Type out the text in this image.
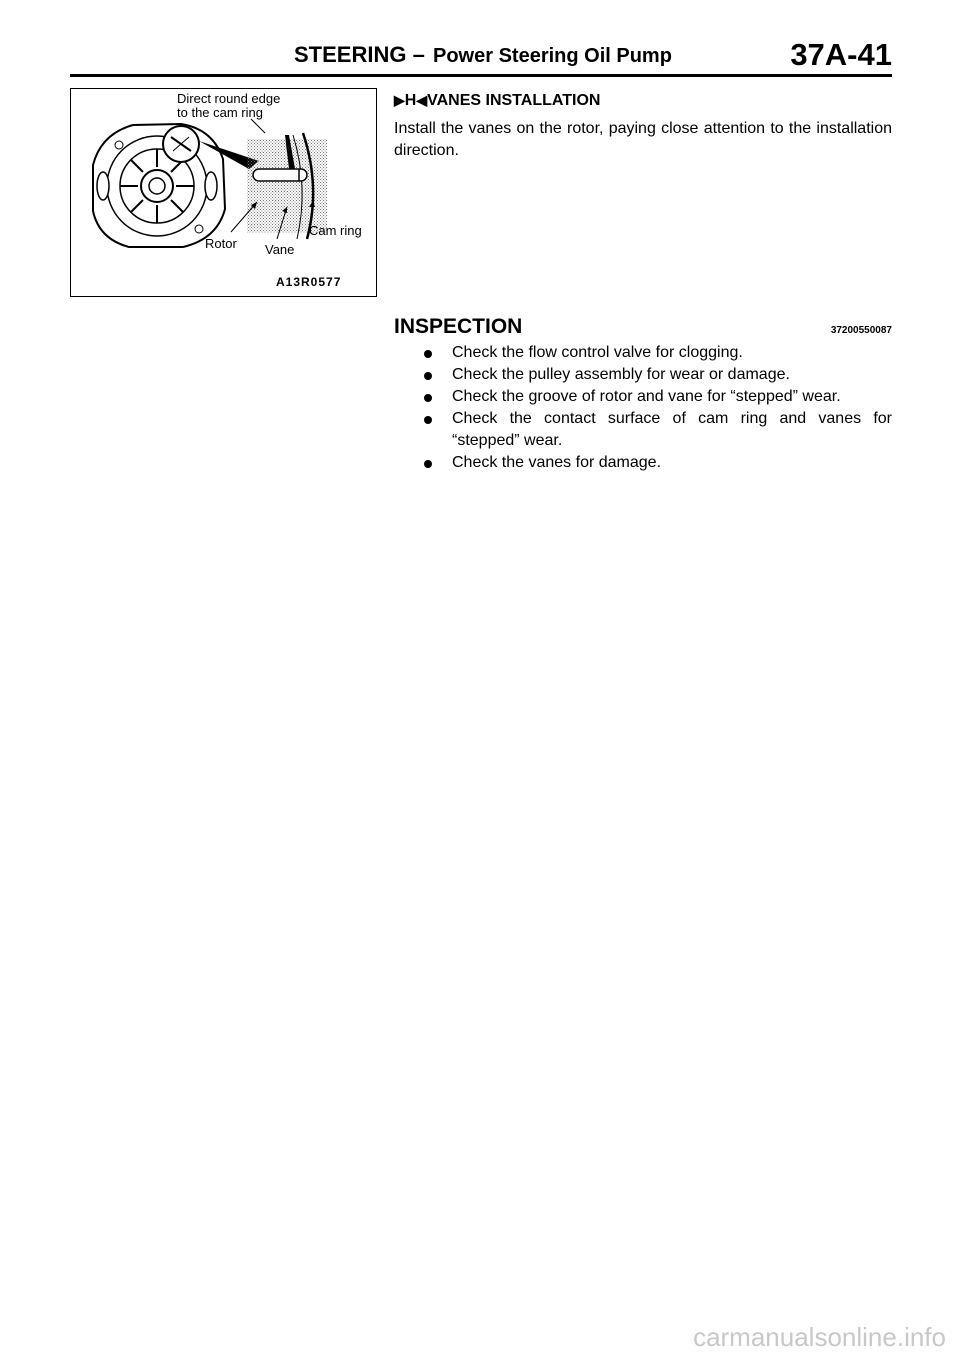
STEERING – Power Steering Oil Pump	37A-41
Direct round edge
to the cam ring
Rotor Vane
Cam ring
A13R0577
▶H◀VANES INSTALLATION
Install the vanes on the rotor, paying close attention to the installation direction.
INSPECTION	37200550087
Check the flow control valve for clogging.
Check the pulley assembly for wear or damage.
Check the groove of rotor and vane for “stepped” wear.
Check the contact surface of cam ring and vanes for “stepped” wear.
Check the vanes for damage.
carmanualsonline.info
